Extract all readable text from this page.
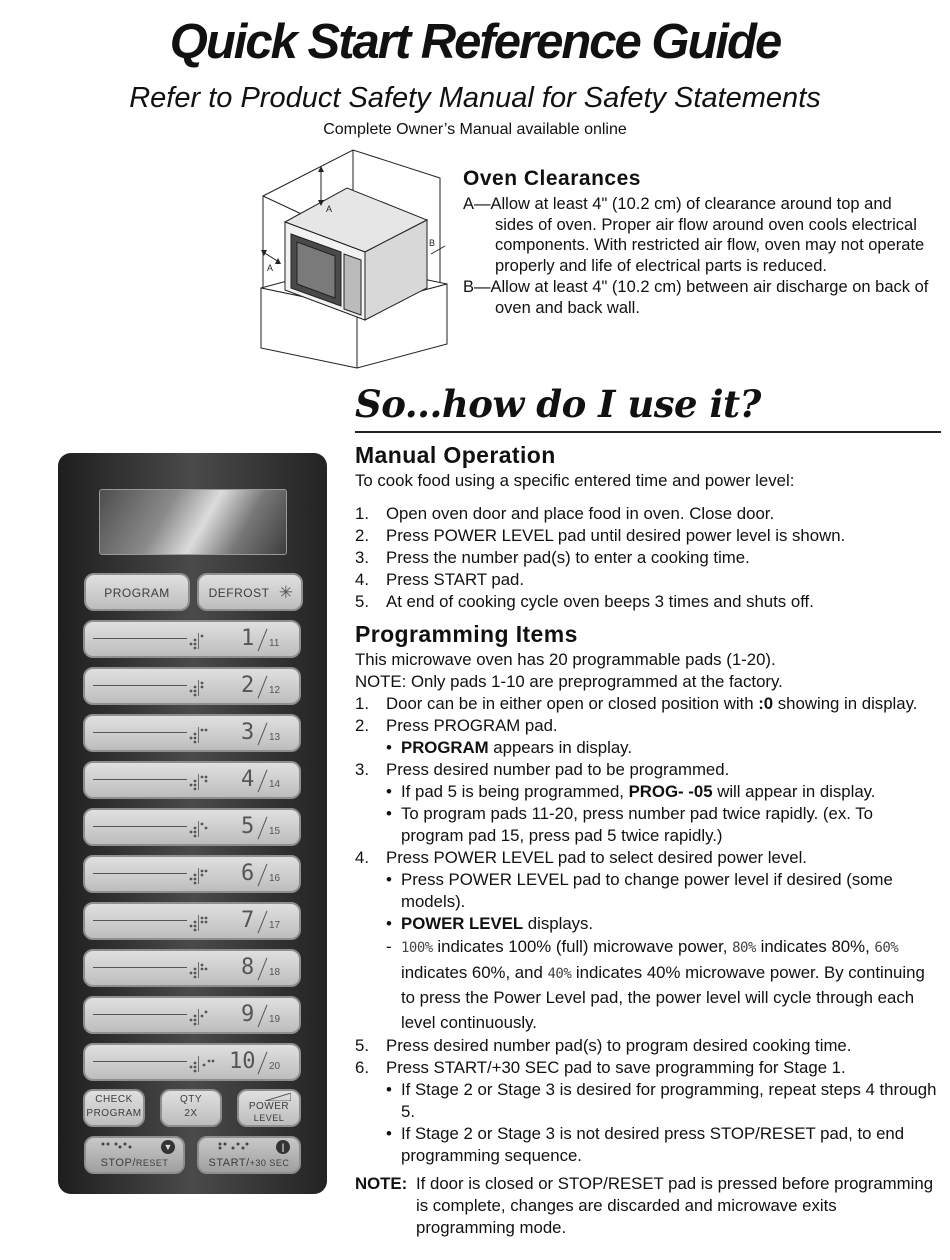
Quick Start Reference Guide

Refer to Product Safety Manual for Safety Statements

Complete Owner’s Manual available online
A
A
B
Oven Clearances
A—Allow at least 4" (10.2 cm) of clearance around top and sides of oven. Proper air flow around oven cools electrical components. With restricted air flow, oven may not operate properly and life of electrical parts is reduced.
B—Allow at least 4" (10.2 cm) between air discharge on back of oven and back wall.
So...how do I use it?
Manual Operation

To cook food using a specific entered time and power level:

1. Open oven door and place food in oven. Close door.
2. Press POWER LEVEL pad until desired power level is shown.
3. Press the number pad(s) to enter a cooking time.
4. Press START pad.
5. At end of cooking cycle oven beeps 3 times and shuts off.
Programming Items

This microwave oven has 20 programmable pads (1-20).

NOTE: Only pads 1-10 are preprogrammed at the factory.

1. Door can be in either open or closed position with :0 showing in display.
2. Press PROGRAM pad.
• PROGRAM appears in display.
3. Press desired number pad to be programmed.
• If pad 5 is being programmed, PROG- -05 will appear in display.
• To program pads 11-20, press number pad twice rapidly. (ex. To program pad 15, press pad 5 twice rapidly.)
4. Press POWER LEVEL pad to select desired power level.
• Press POWER LEVEL pad to change power level if desired (some models).
• POWER LEVEL displays.
- 100% indicates 100% (full) microwave power, 80% indicates 80%, 60% indicates 60%, and 40% indicates 40% microwave power. By continuing to press the Power Level pad, the power level will cycle through each level continuously.
5. Press desired number pad(s) to program desired cooking time.
6. Press START/+30 SEC pad to save programming for Stage 1.
• If Stage 2 or Stage 3 is desired for programming, repeat steps 4 through 5.
• If Stage 2 or Stage 3 is not desired press STOP/RESET pad, to end programming sequence.
NOTE: If door is closed or STOP/RESET pad is pressed before programming is complete, changes are discarded and microwave exits programming mode.
PROGRAM	DEFROST ✳
1 11
2 12
3 13
4 14
5 15
6 16
7 17
8 18
9 19
10 20
CHECK
PROGRAM
QTY
2X
POWER
LEVEL
▼
STOP/RESET
|
START/+30 SEC
